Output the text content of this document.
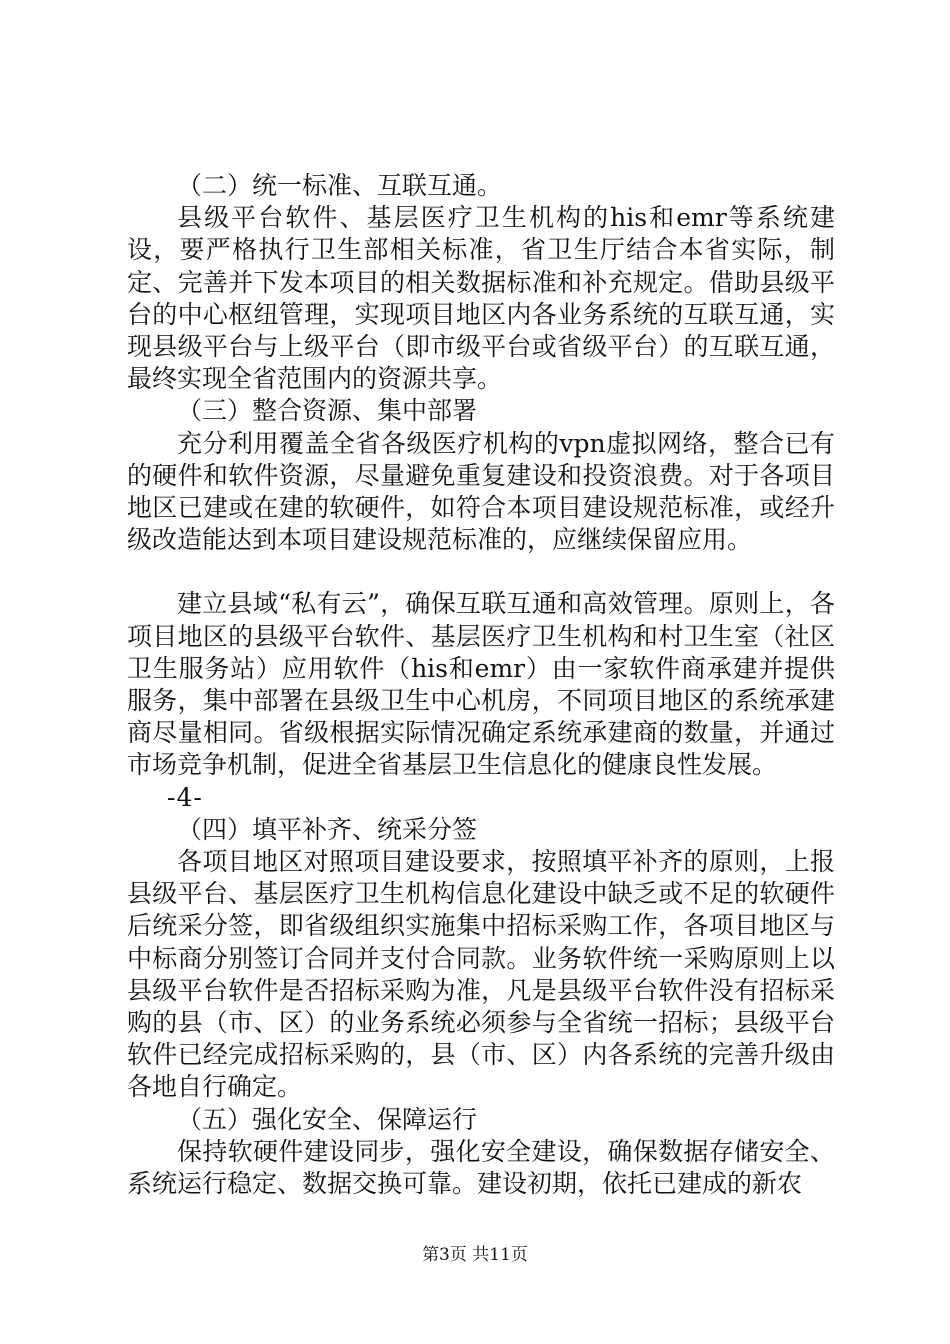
（二）统一标准、互联互通。

县级平台软件、基层医疗卫生机构的his和emr等系统建设，要严格执行卫生部相关标准，省卫生厅结合本省实际，制定、完善并下发本项目的相关数据标准和补充规定。借助县级平台的中心枢纽管理，实现项目地区内各业务系统的互联互通，实现县级平台与上级平台（即市级平台或省级平台）的互联互通，最终实现全省范围内的资源共享。

（三）整合资源、集中部署

充分利用覆盖全省各级医疗机构的vpn虚拟网络，整合已有的硬件和软件资源，尽量避免重复建设和投资浪费。对于各项目地区已建或在建的软硬件，如符合本项目建设规范标准，或经升级改造能达到本项目建设规范标准的，应继续保留应用。

建立县域“私有云”，确保互联互通和高效管理。原则上，各项目地区的县级平台软件、基层医疗卫生机构和村卫生室（社区卫生服务站）应用软件（his和emr）由一家软件商承建并提供服务，集中部署在县级卫生中心机房，不同项目地区的系统承建商尽量相同。省级根据实际情况确定系统承建商的数量，并通过市场竞争机制，促进全省基层卫生信息化的健康良性发展。

-4-

（四）填平补齐、统采分签

各项目地区对照项目建设要求，按照填平补齐的原则，上报县级平台、基层医疗卫生机构信息化建设中缺乏或不足的软硬件后统采分签，即省级组织实施集中招标采购工作，各项目地区与中标商分别签订合同并支付合同款。业务软件统一采购原则上以县级平台软件是否招标采购为准，凡是县级平台软件没有招标采购的县（市、区）的业务系统必须参与全省统一招标；县级平台软件已经完成招标采购的，县（市、区）内各系统的完善升级由各地自行确定。

（五）强化安全、保障运行

保持软硬件建设同步，强化安全建设，确保数据存储安全、系统运行稳定、数据交换可靠。建设初期，依托已建成的新农

第3页 共11页
